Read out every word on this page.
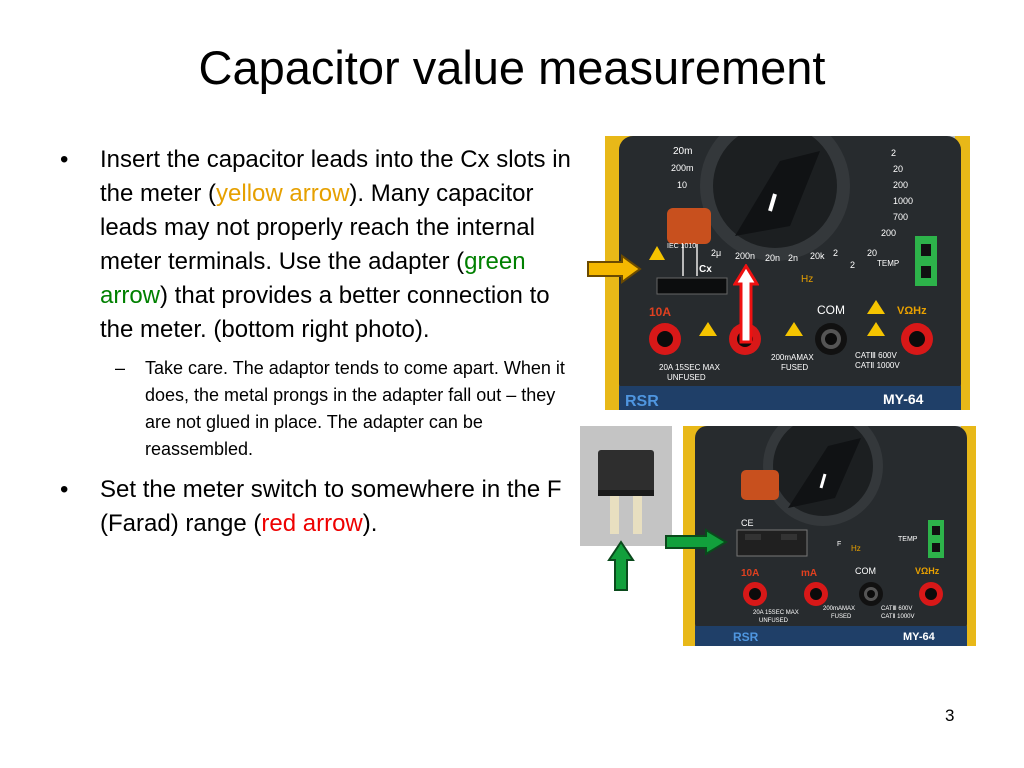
Capacitor value measurement
• Insert the capacitor leads into the Cx slots in the meter (yellow arrow). Many capacitor leads may not properly reach the internal meter terminals. Use the adapter (green arrow) that provides a better connection to the meter. (bottom right photo).
– Take care. The adaptor tends to come apart. When it does, the metal prongs in the adapter fall out – they are not glued in place. The adapter can be reassembled.
• Set the meter switch to somewhere in the F (Farad) range (red arrow).
20m
200m
10
2
20
200
1000
700
200
20
2
2μ 200n 20n 2n 20k 2
IEC 1010
Cx
Hz
TEMP
10A	COM	VΩHz
20A 15SEC MAX
UNFUSED
200mAMAX
FUSED
CATⅢ 600V
CATⅡ 1000V
RSR	MY-64
CE
TEMP
Hz
F
10A	mA	COM	VΩHz
20A 15SEC MAX
UNFUSED
200mAMAX
FUSED
CATⅢ 600V
CATⅡ 1000V
RSR	MY-64
3
